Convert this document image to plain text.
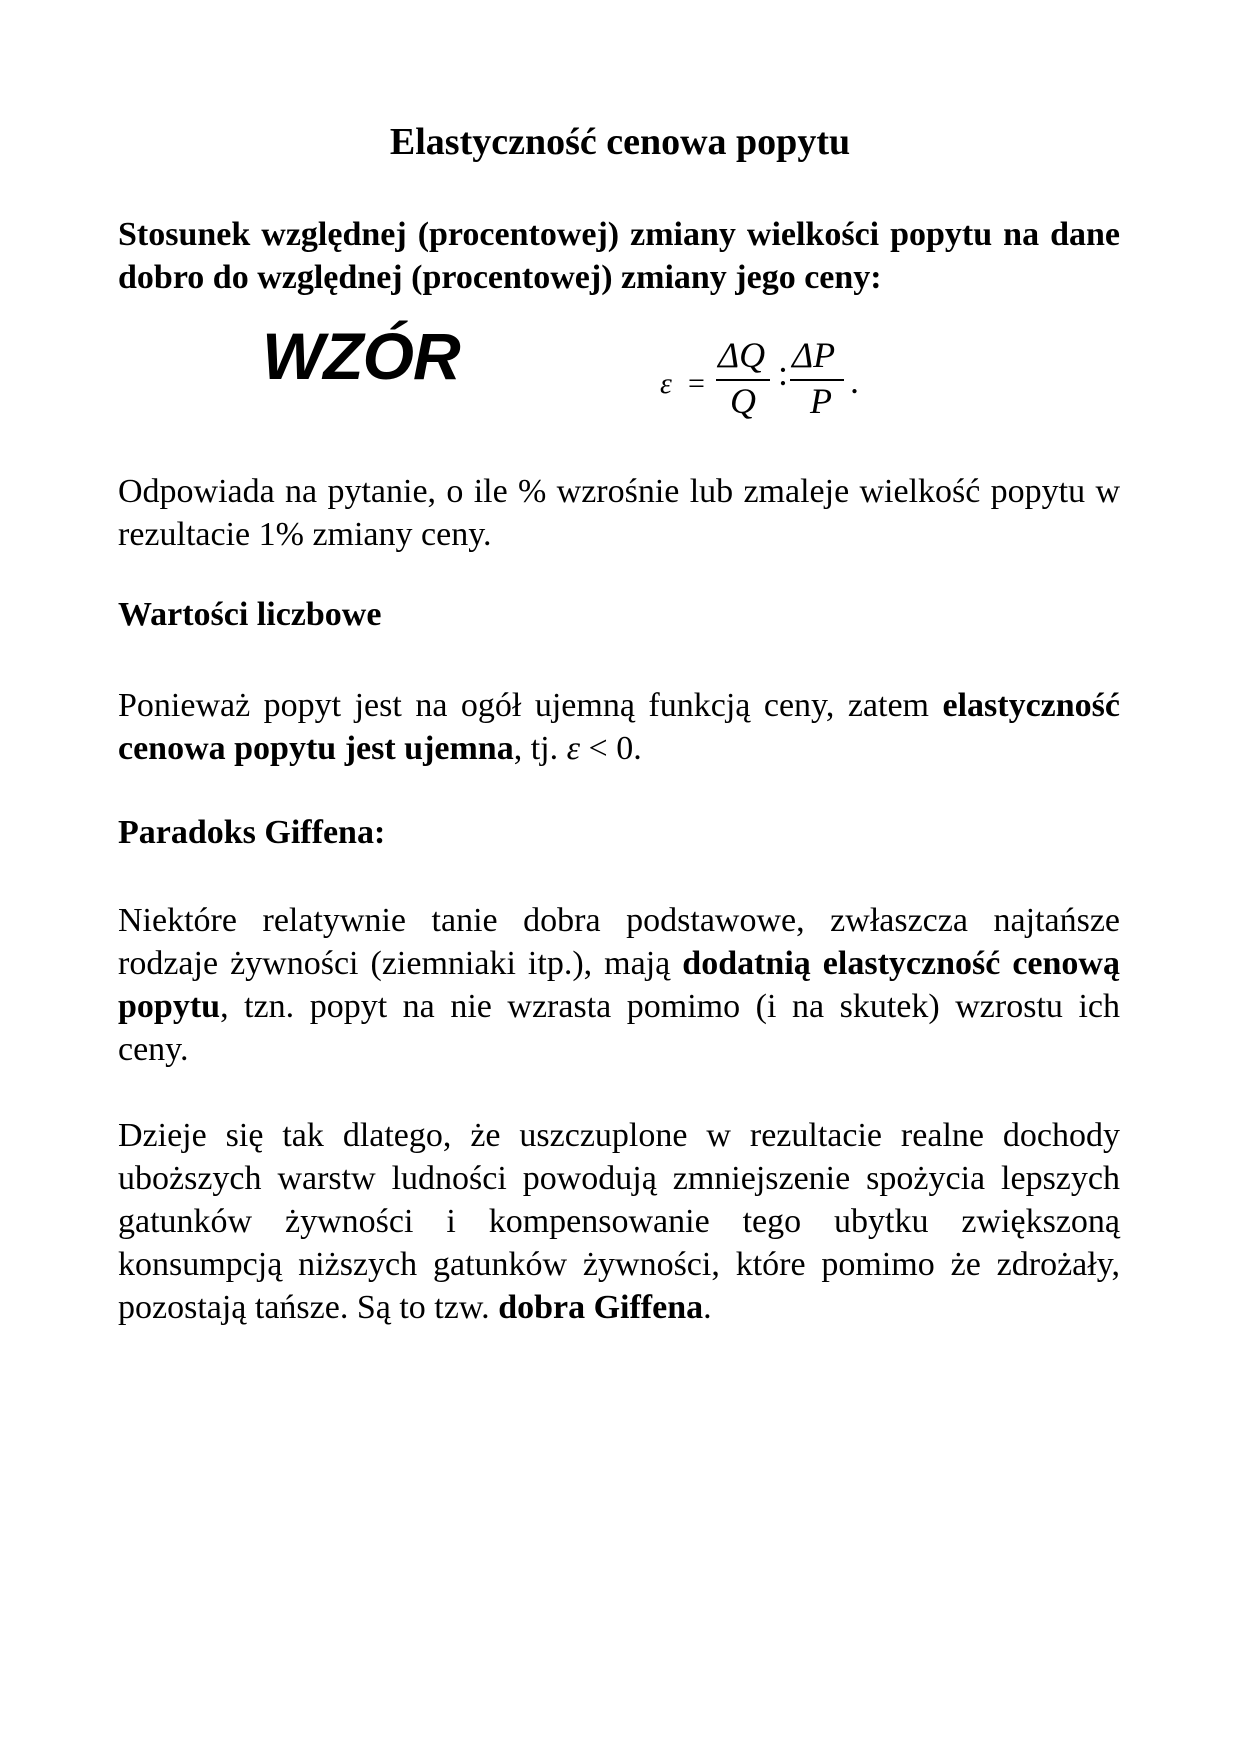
Elastyczność cenowa popytu

Stosunek względnej (procentowej) zmiany wielkości popytu na dane dobro do względnej (procentowej) zmiany jego ceny:

WZÓR	ε =
ΔQ
Q
: ΔP
P .

Odpowiada na pytanie, o ile % wzrośnie lub zmaleje wielkość popytu w rezultacie 1% zmiany ceny.

Wartości liczbowe

Ponieważ popyt jest na ogół ujemną funkcją ceny, zatem elastyczność cenowa popytu jest ujemna, tj. ε < 0.

Paradoks Giffena:

Niektóre relatywnie tanie dobra podstawowe, zwłaszcza najtańsze rodzaje żywności (ziemniaki itp.), mają dodatnią elastyczność cenową popytu, tzn. popyt na nie wzrasta pomimo (i na skutek) wzrostu ich ceny.

Dzieje się tak dlatego, że uszczuplone w rezultacie realne dochody uboższych warstw ludności powodują zmniejszenie spożycia lepszych gatunków żywności i kompensowanie tego ubytku zwiększoną konsumpcją niższych gatunków żywności, które pomimo że zdrożały, pozostają tańsze. Są to tzw. dobra Giffena.
